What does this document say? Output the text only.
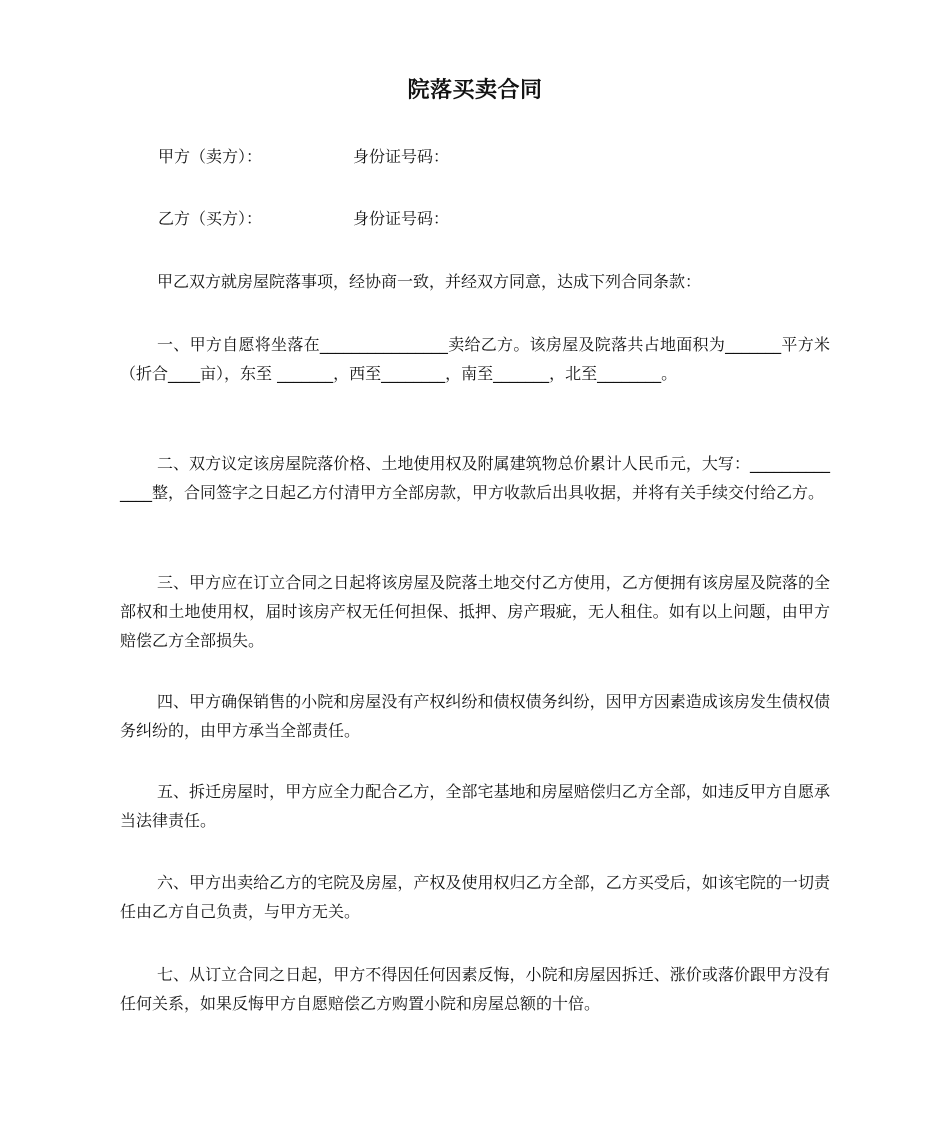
院落买卖合同
甲方（卖方）：	身份证号码：
乙方（买方）：	身份证号码：
甲乙双方就房屋院落事项，经协商一致，并经双方同意，达成下列合同条款：
一、甲方自愿将坐落在________________卖给乙方。该房屋及院落共占地面积为_______平方米（折合____亩），东至 _______，西至________，南至_______，北至________。
二、双方议定该房屋院落价格、土地使用权及附属建筑物总价累计人民币元，大写：______________整，合同签字之日起乙方付清甲方全部房款，甲方收款后出具收据，并将有关手续交付给乙方。
三、甲方应在订立合同之日起将该房屋及院落土地交付乙方使用，乙方便拥有该房屋及院落的全部权和土地使用权，届时该房产权无任何担保、抵押、房产瑕疵，无人租住。如有以上问题，由甲方赔偿乙方全部损失。
四、甲方确保销售的小院和房屋没有产权纠纷和债权债务纠纷，因甲方因素造成该房发生债权债务纠纷的，由甲方承当全部责任。
五、拆迁房屋时，甲方应全力配合乙方，全部宅基地和房屋赔偿归乙方全部，如违反甲方自愿承当法律责任。
六、甲方出卖给乙方的宅院及房屋，产权及使用权归乙方全部，乙方买受后，如该宅院的一切责任由乙方自己负责，与甲方无关。
七、从订立合同之日起，甲方不得因任何因素反悔，小院和房屋因拆迁、涨价或落价跟甲方没有任何关系，如果反悔甲方自愿赔偿乙方购置小院和房屋总额的十倍。
